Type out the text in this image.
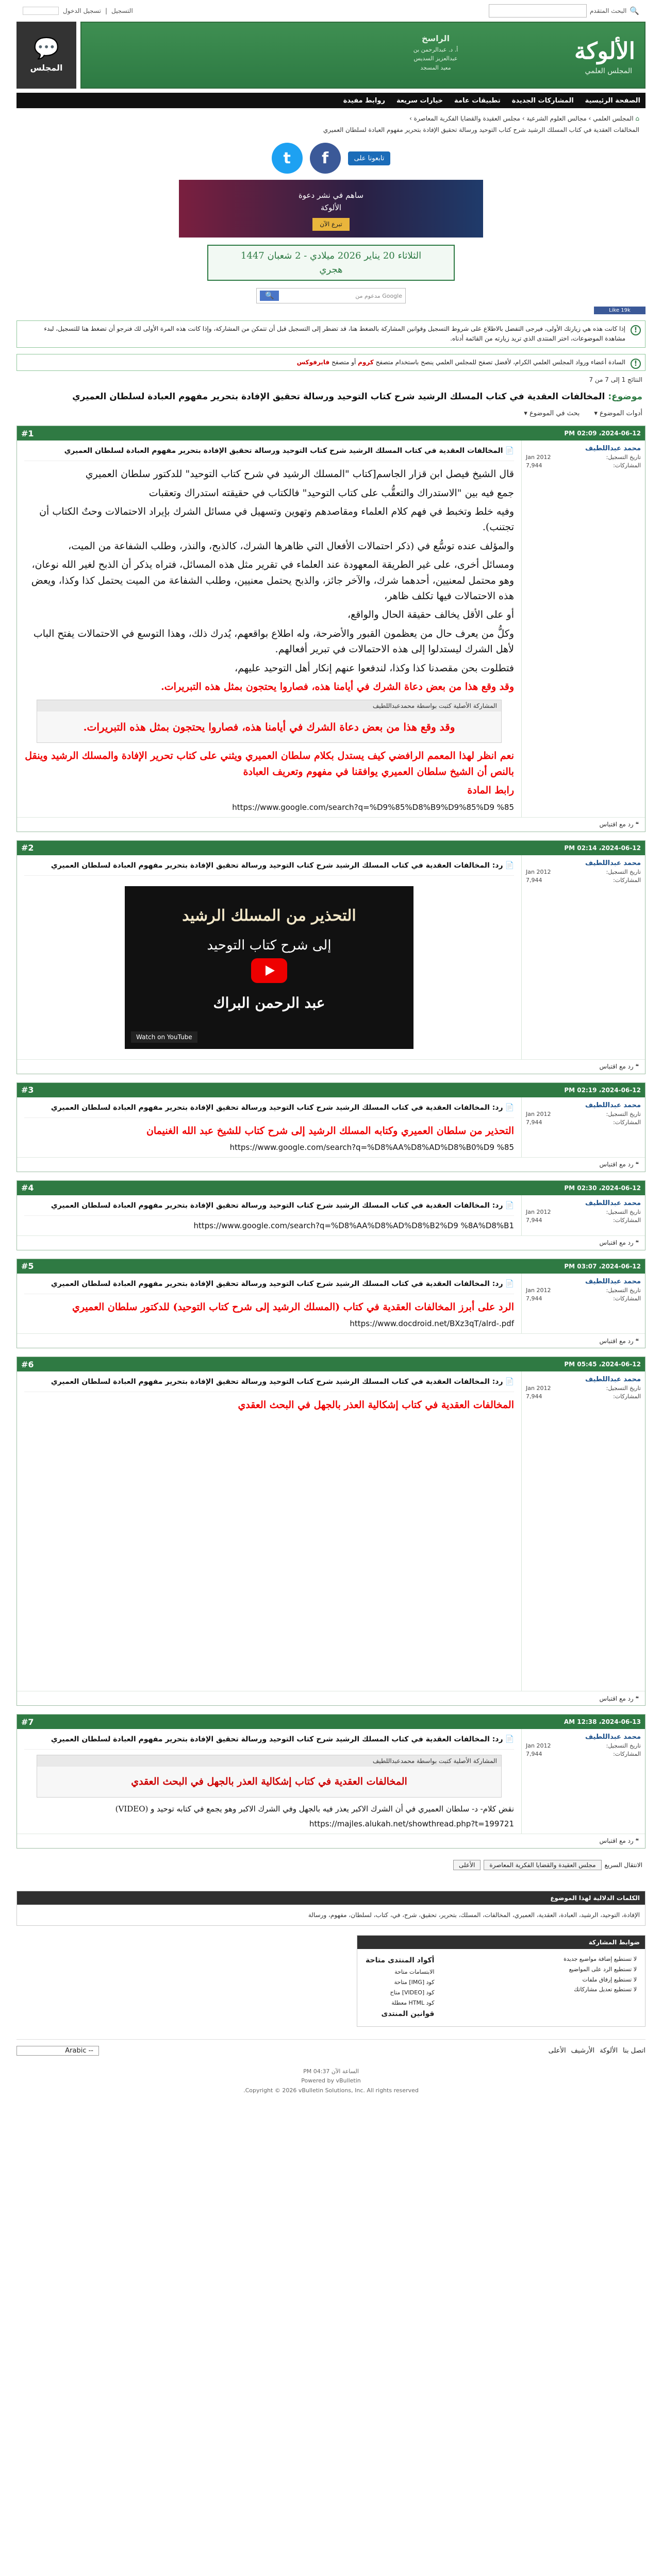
🔍
البحث المتقدم
التسجيل
|
تسجيل الدخول
الألوكة
المجلس العلمي
الراسخ
أ. د. عبدالرحمن بن
عبدالعزيز السديس
معيد المسجد
💬
المجلس
الصفحة الرئيسية
المشاركات الجديدة
تطبيقات عامة
خيارات سريعة
روابط مفيدة
⌂ المجلس العلمي › مجالس العلوم الشرعية › مجلس العقيدة والقضايا الفكرية المعاصرة ›
المخالفات العقدية في كتاب المسلك الرشيد شرح كتاب التوحيد ورسالة تحقيق الإفادة بتحرير مفهوم العبادة لسلطان العميري
تابعونا على
f
t
ساهم في نشر دعوة
الألوكة
تبرع الآن
الثلاثاء 20 يناير 2026 ميلادي - 2 شعبان 1447
هجري
Google مدعوم من
🔍
Like 19k
!
إذا كانت هذه هي زيارتك الأولى، فيرجى التفضل بالاطلاع على شروط التسجيل وقوانين المشاركة بالضغط هنا، قد تضطر إلى التسجيل قبل أن تتمكن من المشاركة، وإذا كانت هذه المرة الأولى لك فنرجو أن تضغط هنا للتسجيل، لبدء مشاهدة الموضوعات، اختر المنتدى الذي تريد زيارته من القائمة أدناه.
!
السادة أعضاء ورواد المجلس العلمي الكرام، لأفضل تصفح للمجلس العلمي ينصح باستخدام متصفح كروم أو متصفح فايرفوكس
النتائج 1 إلى 7 من 7
موضوع: المخالفات العقدية في كتاب المسلك الرشيد شرح كتاب التوحيد ورسالة تحقيق الإفادة بتحرير مفهوم العبادة لسلطان العميري
أدوات الموضوع ▾
بحث في الموضوع ▾
2024-06-12، 02:09 PM
#1
محمد عبداللطيف
تاريخ التسجيل:
Jan 2012
المشاركات:
7,944
📄المخالفات العقدية في كتاب المسلك الرشيد شرح كتاب التوحيد ورسالة تحقيق الإفادة بتحرير مفهوم العبادة لسلطان العميري

قال الشيخ فيصل ابن قزار الجاسم[كتاب "المسلك الرشيد في شرح كتاب التوحيد" للدكتور سلطان العميري

جمع فيه بين "الاستدراك والتعقُّب على كتاب التوحيد" فالكتاب في حقيقته استدراك وتعقبات

وفيه خلط وتخبط في فهم كلام العلماء ومقاصدهم وتهوين وتسهيل في مسائل الشرك بإيراد الاحتمالات وحتٌ الكتاب أن تجتنب).

والمؤلف عنده توسُّع في (ذكر احتمالات الأفعال التي ظاهرها الشرك، كالذبح، والنذر، وطلب الشفاعة من الميت،

ومسائل أخرى، على غير الطريقة المعهودة عند العلماء في تقرير مثل هذه المسائل، فتراه يذكر أن الذبح لغير الله نوعان، وهو محتمل لمعنيين، أحدهما شرك، والآخر جائز، والذبح يحتمل معنيين، وطلب الشفاعة من الميت يحتمل كذا وكذا، ويعض هذه الاحتمالات فيها تكلف ظاهر،

أو على الأقل يخالف حقيقة الحال والواقع،

وكلُّ من يعرف حال من يعظمون القبور والأضرحة، وله اطلاع بواقعهم، يُدرك ذلك، وهذا التوسع في الاحتمالات يفتح الباب لأهل الشرك ليستدلوا إلى هذه الاحتمالات في تبرير أفعالهم.

فتطلوت بحن مقصدنا كذا وكذا، لندفعوا عنهم إنكار أهل التوحيد عليهم،

وقد وقع هذا من بعض دعاة الشرك في أيامنا هذه، فصاروا يحتجون بمثل هذه التبريرات.

المشاركة الأصلية كتبت بواسطة محمدعبداللطيف
وقد وقع هذا من بعض دعاة الشرك في أيامنا هذه، فصاروا يحتجون بمثل هذه التبريرات.

نعم انظر لهذا المعمم الرافضي كيف يستدل بكلام سلطان العميري ويثني على كتاب تحرير الإفادة والمسلك الرشيد وينقل بالنص أن الشيخ سلطان العميري يوافقنا في مفهوم وتعريف العبادة

رابط المادة

https://www.google.com/search?q=%D9%85%D8%B9%D9%85%D9 %85
❝ رد مع اقتباس
2024-06-12، 02:14 PM
#2
محمد عبداللطيف
تاريخ التسجيل:
Jan 2012
المشاركات:
7,944
📄رد: المخالفات العقدية في كتاب المسلك الرشيد شرح كتاب التوحيد ورسالة تحقيق الإفادة بتحرير مفهوم العبادة لسلطان العميري
التحذير من المسلك الرشيد
إلى شرح كتاب التوحيد
عبد الرحمن البراك
Watch on YouTube
❝ رد مع اقتباس
2024-06-12، 02:19 PM
#3
محمد عبداللطيف
تاريخ التسجيل:
Jan 2012
المشاركات:
7,944
📄رد: المخالفات العقدية في كتاب المسلك الرشيد شرح كتاب التوحيد ورسالة تحقيق الإفادة بتحرير مفهوم العبادة لسلطان العميري

التحذير من سلطان العميري وكتابه المسلك الرشيد إلى شرح كتاب للشيخ عبد الله الغنيمان

https://www.google.com/search?q=%D8%AA%D8%AD%D8%B0%D9 %85
❝ رد مع اقتباس
2024-06-12، 02:30 PM
#4
محمد عبداللطيف
تاريخ التسجيل:
Jan 2012
المشاركات:
7,944
📄رد: المخالفات العقدية في كتاب المسلك الرشيد شرح كتاب التوحيد ورسالة تحقيق الإفادة بتحرير مفهوم العبادة لسلطان العميري
https://www.google.com/search?q=%D8%AA%D8%AD%D8%B2%D9 %8A%D8%B1
❝ رد مع اقتباس
2024-06-12، 03:07 PM
#5
محمد عبداللطيف
تاريخ التسجيل:
Jan 2012
المشاركات:
7,944
📄رد: المخالفات العقدية في كتاب المسلك الرشيد شرح كتاب التوحيد ورسالة تحقيق الإفادة بتحرير مفهوم العبادة لسلطان العميري

الرد على أبرز المخالفات العقدية في كتاب (المسلك الرشيد إلى شرح كتاب التوحيد) للدكتور سلطان العميري

https://www.docdroid.net/BXz3qT/alrd-.pdf
❝ رد مع اقتباس
2024-06-12، 05:45 PM
#6
محمد عبداللطيف
تاريخ التسجيل:
Jan 2012
المشاركات:
7,944
📄رد: المخالفات العقدية في كتاب المسلك الرشيد شرح كتاب التوحيد ورسالة تحقيق الإفادة بتحرير مفهوم العبادة لسلطان العميري

المخالفات العقدية في كتاب إشكالية العذر بالجهل في البحث العقدي

❝ رد مع اقتباس
2024-06-13، 12:38 AM
#7
محمد عبداللطيف
تاريخ التسجيل:
Jan 2012
المشاركات:
7,944
📄رد: المخالفات العقدية في كتاب المسلك الرشيد شرح كتاب التوحيد ورسالة تحقيق الإفادة بتحرير مفهوم العبادة لسلطان العميري
المشاركة الأصلية كتبت بواسطة محمدعبداللطيف
المخالفات العقدية في كتاب إشكالية العذر بالجهل في البحث العقدي

نقض كلام- د- سلطان العميري في أن الشرك الاكبر يعذر فيه بالجهل وفي الشرك الاكبر وهو يجمع في كتابه توحيد و (VIDEO)

https://majles.alukah.net/showthread.php?t=199721
❝ رد مع اقتباس
الانتقال السريع
مجلس العقيدة والقضايا الفكرية المعاصرة
الأعلى
الكلمات الدلالية لهذا الموضوع
الإفادة، التوحيد، الرشيد، العبادة، العقدية، العميري، المخالفات، المسلك، بتحرير، تحقيق، شرح، في، كتاب، لسلطان، مفهوم، ورسالة
ضوابط المشاركة
لا تستطيع إضافة مواضيع جديدة
لا تستطيع الرد على المواضيع
لا تستطيع إرفاق ملفات
لا تستطيع تعديل مشاركاتك
أكواد المنتدى متاحة
الابتسامات متاحة
كود [IMG] متاحة
كود [VIDEO] متاح
كود HTML معطلة
قوانين المنتدى
اتصل بنا
الألوكة
الأرشيف
الأعلى
-- Arabic
الساعة الآن 04:37 PM
Powered by vBulletin
Copyright © 2026 vBulletin Solutions, Inc. All rights reserved.
